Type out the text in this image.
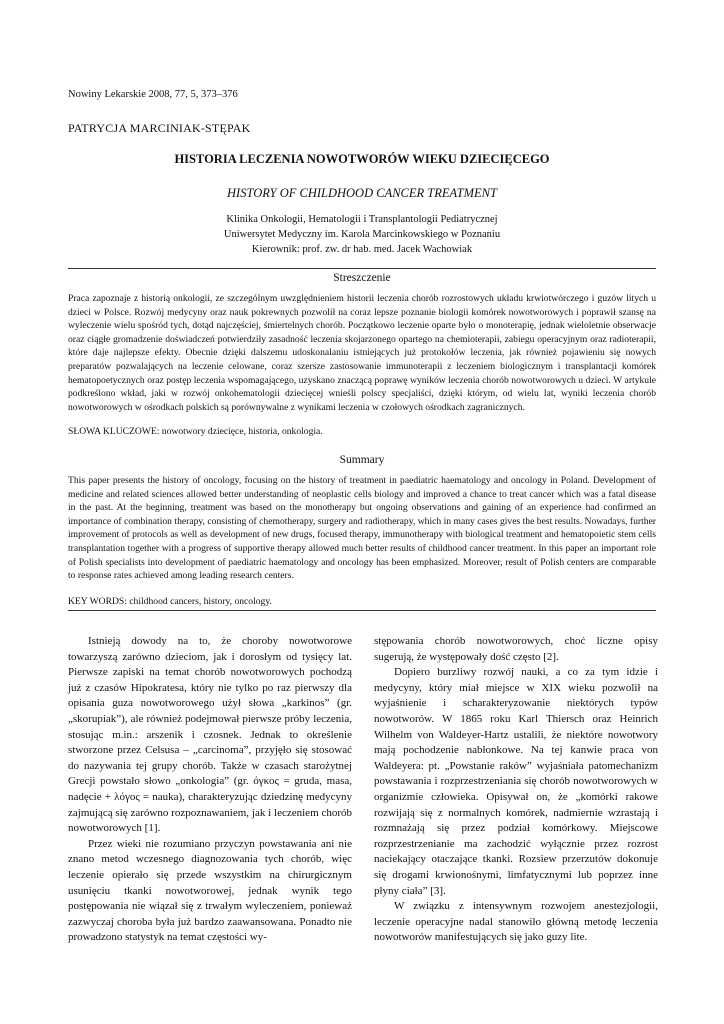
Nowiny Lekarskie 2008, 77, 5, 373–376
PATRYCJA MARCINIAK-STĘPAK
HISTORIA LECZENIA NOWOTWORÓW WIEKU DZIECIĘCEGO
HISTORY OF CHILDHOOD CANCER TREATMENT
Klinika Onkologii, Hematologii i Transplantologii Pediatrycznej
Uniwersytet Medyczny im. Karola Marcinkowskiego w Poznaniu
Kierownik: prof. zw. dr hab. med. Jacek Wachowiak
Streszczenie

Praca zapoznaje z historią onkologii, ze szczególnym uwzględnieniem historii leczenia chorób rozrostowych układu krwiotwórczego i guzów litych u dzieci w Polsce. Rozwój medycyny oraz nauk pokrewnych pozwolił na coraz lepsze poznanie biologii komórek nowotworowych i poprawił szansę na wyleczenie wielu spośród tych, dotąd najczęściej, śmiertelnych chorób. Początkowo leczenie oparte było o monoterapię, jednak wieloletnie obserwacje oraz ciągłe gromadzenie doświadczeń potwierdziły zasadność leczenia skojarzonego opartego na chemioterapii, zabiegu operacyjnym oraz radioterapii, które daje najlepsze efekty. Obecnie dzięki dalszemu udoskonalaniu istniejących już protokołów leczenia, jak również pojawieniu się nowych preparatów pozwalających na leczenie celowane, coraz szersze zastosowanie immunoterapii z leczeniem biologicznym i transplantacji komórek hematopoetycznych oraz postęp leczenia wspomagającego, uzyskano znaczącą poprawę wyników leczenia chorób nowotworowych u dzieci. W artykule podkreślono wkład, jaki w rozwój onkohematologii dziecięcej wnieśli polscy specjaliści, dzięki którym, od wielu lat, wyniki leczenia chorób nowotworowych w ośrodkach polskich są porównywalne z wynikami leczenia w czołowych ośrodkach zagranicznych.

SŁOWA KLUCZOWE: nowotwory dziecięce, historia, onkologia.
Summary

This paper presents the history of oncology, focusing on the history of treatment in paediatric haematology and oncology in Poland. Development of medicine and related sciences allowed better understanding of neoplastic cells biology and improved a chance to treat cancer which was a fatal disease in the past. At the beginning, treatment was based on the monotherapy but ongoing observations and gaining of an experience had confirmed an importance of combination therapy, consisting of chemotherapy, surgery and radiotherapy, which in many cases gives the best results. Nowadays, further improvement of protocols as well as development of new drugs, focused therapy, immunotherapy with biological treatment and hematopoietic stem cells transplantation together with a progress of supportive therapy allowed much better results of childhood cancer treatment. In this paper an important role of Polish specialists into development of paediatric haematology and oncology has been emphasized. Moreover, result of Polish centers are comparable to response rates achieved among leading research centers.

KEY WORDS: childhood cancers, history, oncology.

Istnieją dowody na to, że choroby nowotworowe towarzyszą zarówno dzieciom, jak i dorosłym od tysięcy lat. Pierwsze zapiski na temat chorób nowotworowych pochodzą już z czasów Hipokratesa, który nie tylko po raz pierwszy dla opisania guza nowotworowego użył słowa „karkinos” (gr. „skorupiak”), ale również podejmował pierwsze próby leczenia, stosując m.in.: arszenik i czosnek. Jednak to określenie stworzone przez Celsusa – „carcinoma”, przyjęło się stosować do nazywania tej grupy chorób. Także w czasach starożytnej Grecji powstało słowo „onkologia” (gr. όγκος = gruda, masa, nadęcie + λόγος = nauka), charakteryzując dziedzinę medycyny zajmującą się zarówno rozpoznawaniem, jak i leczeniem chorób nowotworowych [1].

Przez wieki nie rozumiano przyczyn powstawania ani nie znano metod wczesnego diagnozowania tych chorób, więc leczenie opierało się przede wszystkim na chirurgicznym usunięciu tkanki nowotworowej, jednak wynik tego postępowania nie wiązał się z trwałym wyleczeniem, ponieważ zazwyczaj choroba była już bardzo zaawansowana. Ponadto nie prowadzono statystyk na temat częstości wy-

stępowania chorób nowotworowych, choć liczne opisy sugerują, że występowały dość często [2].

Dopiero burzliwy rozwój nauki, a co za tym idzie i medycyny, który miał miejsce w XIX wieku pozwolił na wyjaśnienie i scharakteryzowanie niektórych typów nowotworów. W 1865 roku Karl Thiersch oraz Heinrich Wilhelm von Waldeyer-Hartz ustalili, że niektóre nowotwory mają pochodzenie nabłonkowe. Na tej kanwie praca von Waldeyera: pt. „Powstanie raków” wyjaśniała patomechanizm powstawania i rozprzestrzeniania się chorób nowotworowych w organizmie człowieka. Opisywał on, że „komórki rakowe rozwijają się z normalnych komórek, nadmiernie wzrastają i rozmnażają się przez podział komórkowy. Miejscowe rozprzestrzenianie ma zachodzić wyłącznie przez rozrost naciekający otaczające tkanki. Rozsiew przerzutów dokonuje się drogami krwionośnymi, limfatycznymi lub poprzez inne płyny ciała” [3].

W związku z intensywnym rozwojem anestezjologii, leczenie operacyjne nadal stanowiło główną metodę leczenia nowotworów manifestujących się jako guzy lite.
